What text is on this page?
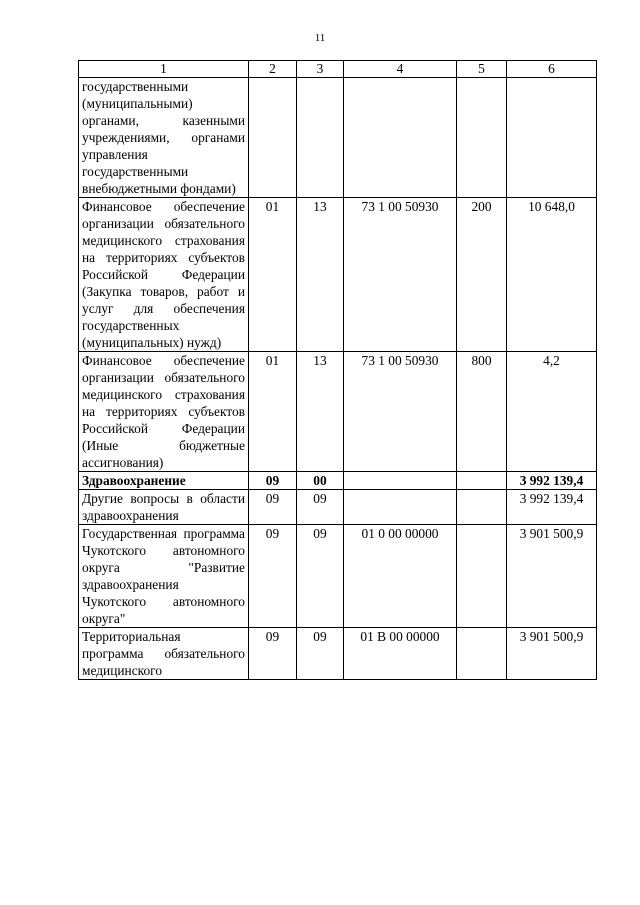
11
1	2	3	4	5	6
государственными (муниципальными) органами, казенными учреждениями, органами управления государственными внебюджетными фондами)					
Финансовое обеспечение организации обязательного медицинского страхования на территориях субъектов Российской Федерации (Закупка товаров, работ и услуг для обеспечения государственных (муниципальных) нужд)	01	13	73 1 00 50930	200	10 648,0
Финансовое обеспечение организации обязательного медицинского страхования на территориях субъектов Российской Федерации (Иные бюджетные ассигнования)	01	13	73 1 00 50930	800	4,2
Здравоохранение	09	00			3 992 139,4
Другие вопросы в области здравоохранения	09	09			3 992 139,4
Государственная программа Чукотского автономного округа "Развитие здравоохранения Чукотского автономного округа"	09	09	01 0 00 00000		3 901 500,9
Территориальная программа обязательного медицинского	09	09	01 В 00 00000		3 901 500,9
